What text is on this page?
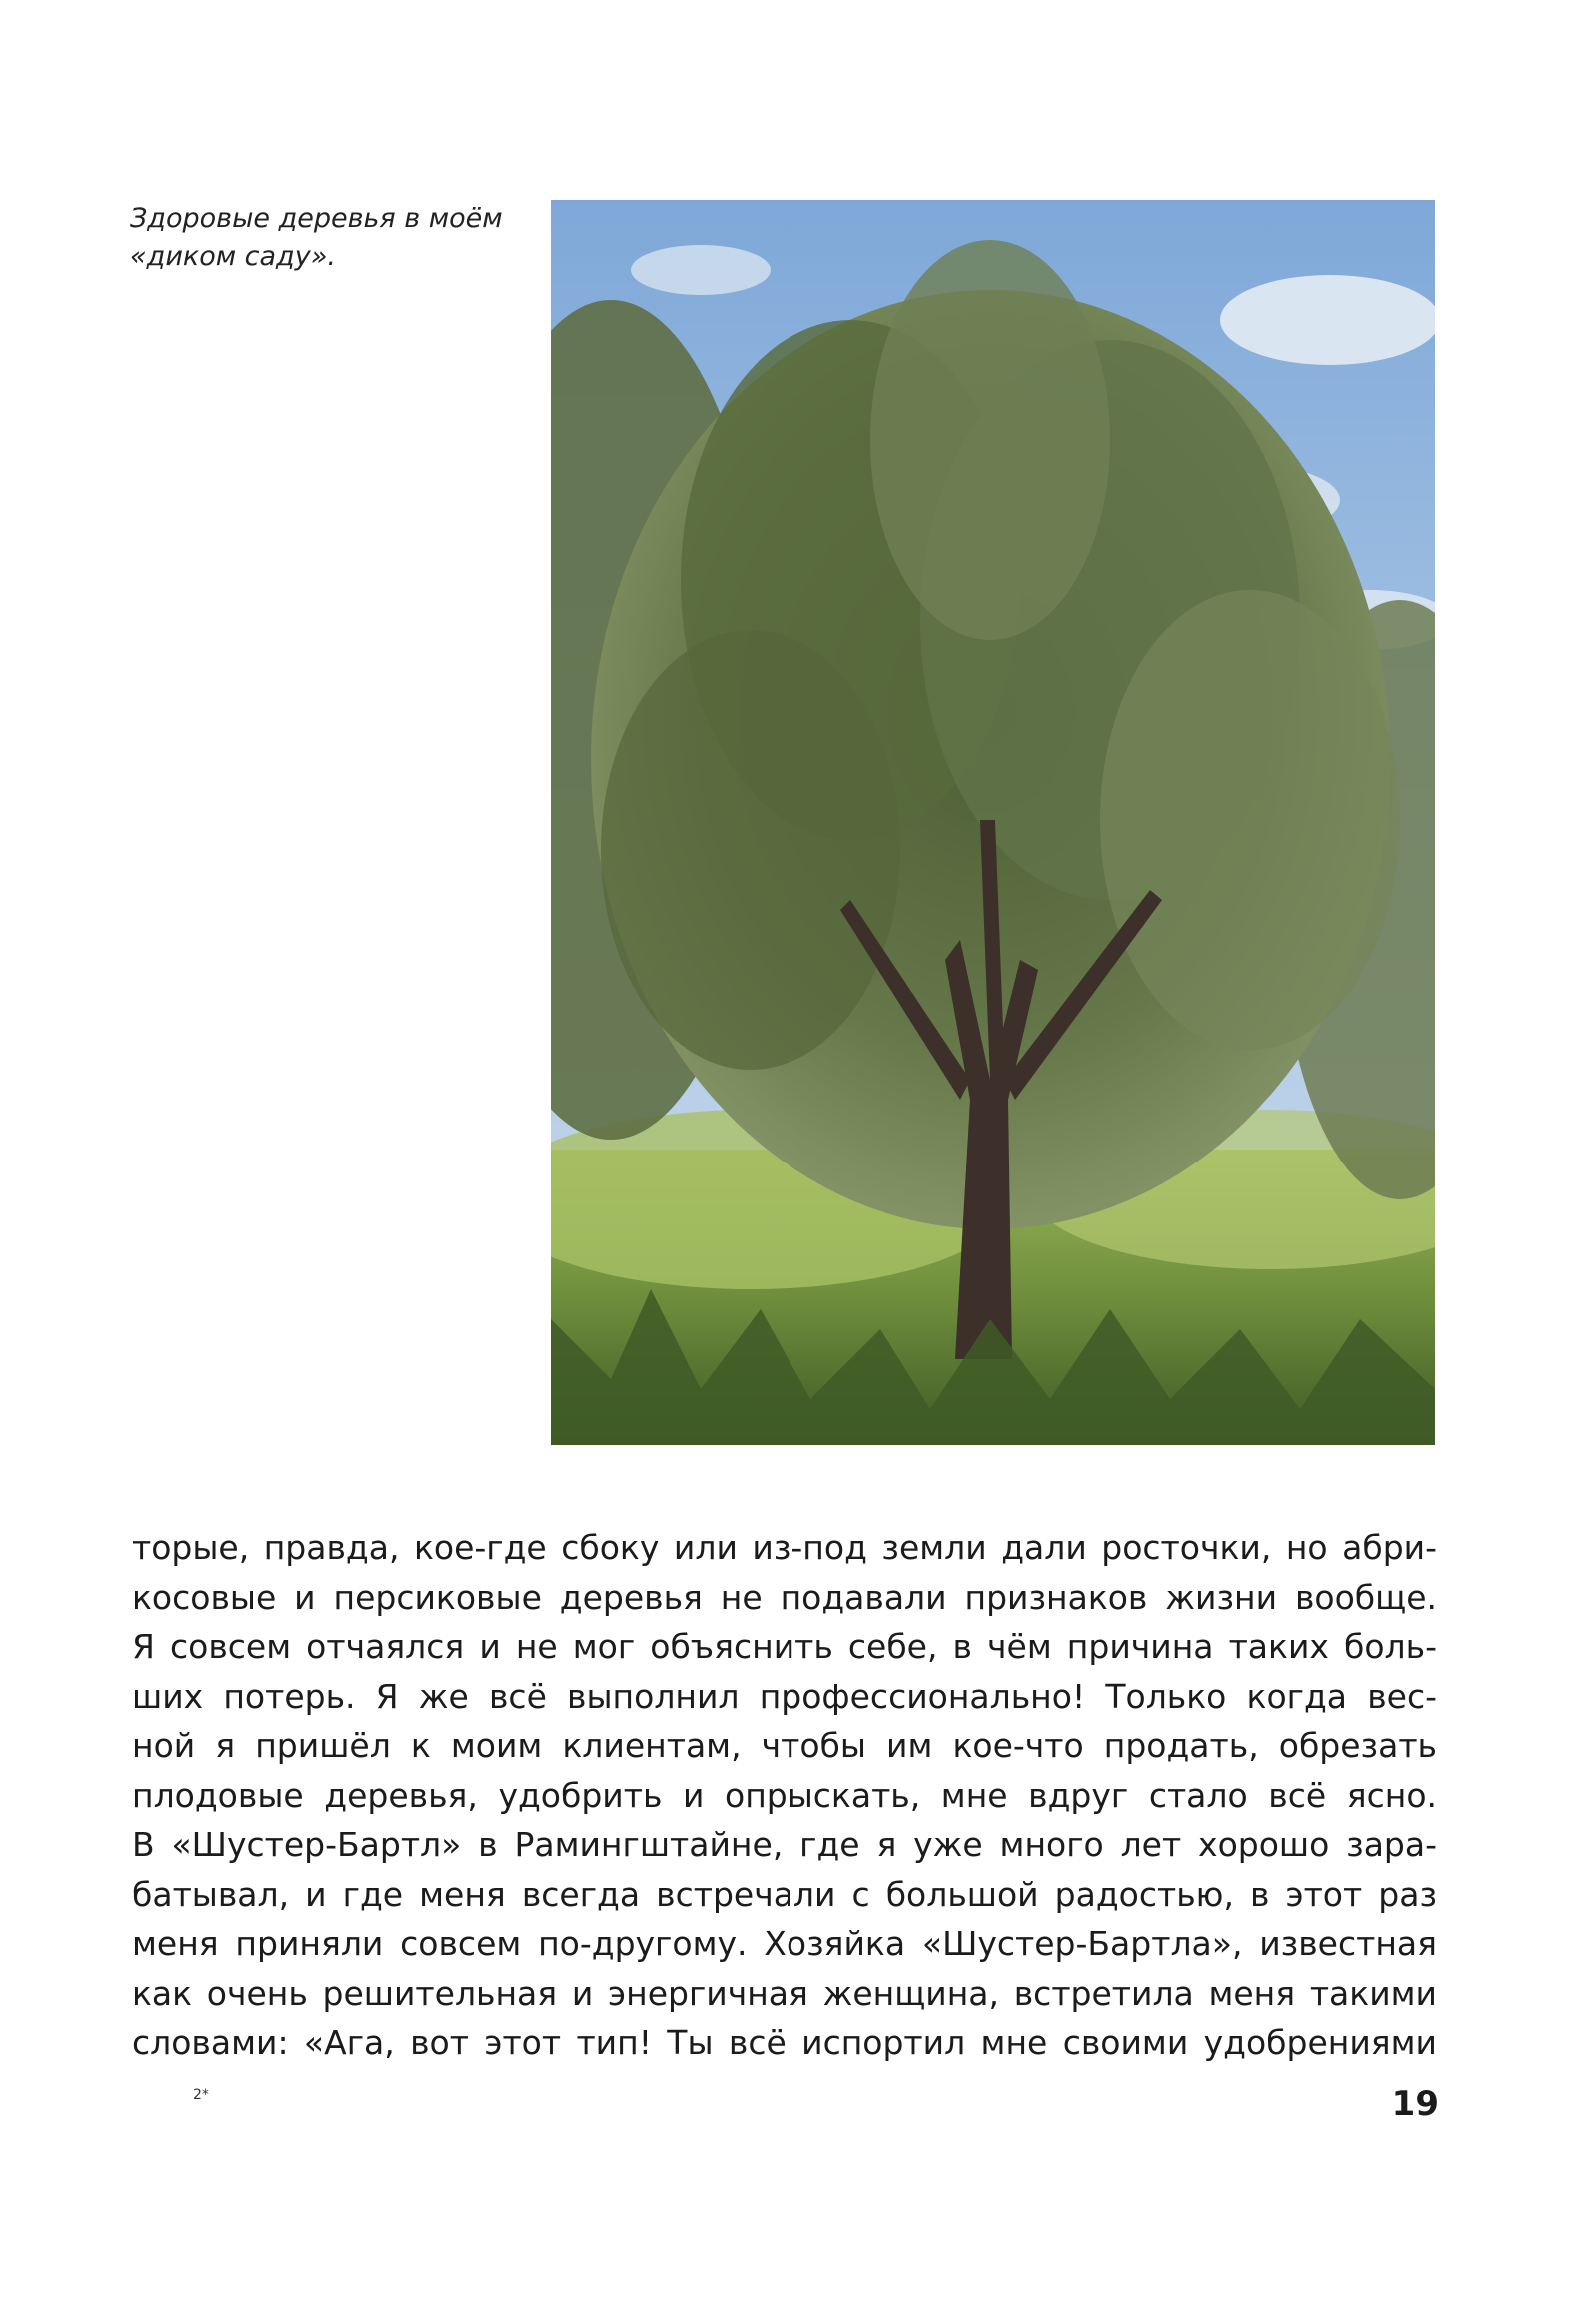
Здоровые деревья в моём
«диком саду».
торые, правда, кое-где сбоку или из-под земли дали росточки, но абри-
косовые и персиковые деревья не подавали признаков жизни вообще.
Я совсем отчаялся и не мог объяснить себе, в чём причина таких боль-
ших потерь. Я же всё выполнил профессионально! Только когда вес-
ной я пришёл к моим клиентам, чтобы им кое-что продать, обрезать
плодовые деревья, удобрить и опрыскать, мне вдруг стало всё ясно.
В «Шустер-Бартл» в Рамингштайне, где я уже много лет хорошо зара-
батывал, и где меня всегда встречали с большой радостью, в этот раз
меня приняли совсем по-другому. Хозяйка «Шустер-Бартла», известная
как очень решительная и энергичная женщина, встретила меня такими
словами: «Ага, вот этот тип! Ты всё испортил мне своими удобрениями
2*	19
